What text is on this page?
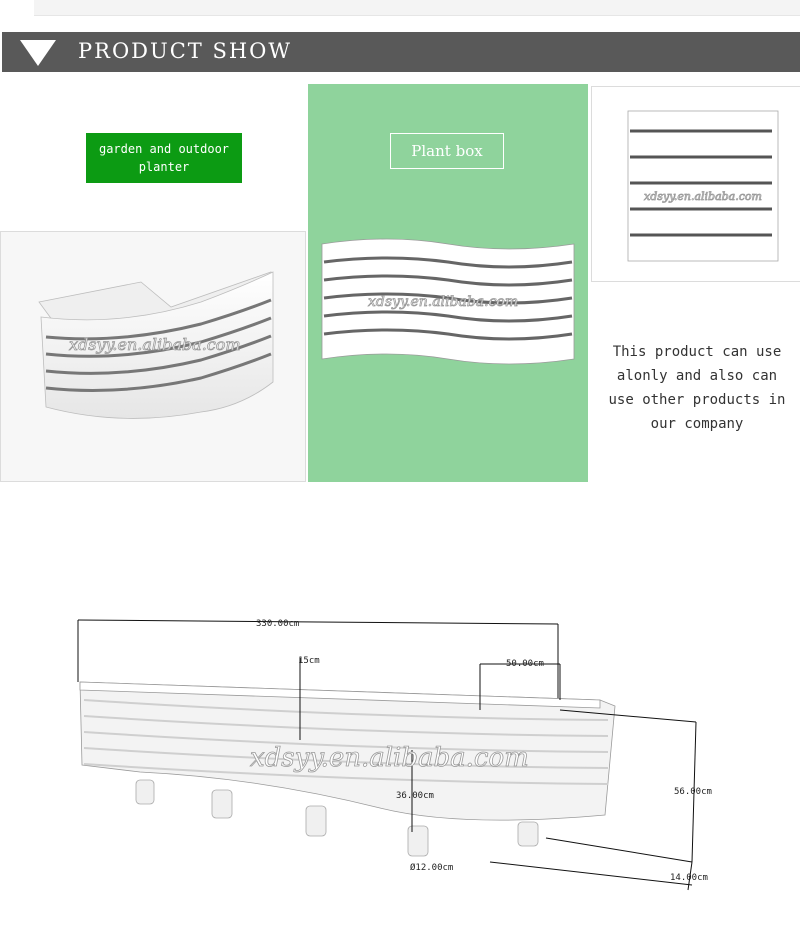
PRODUCT SHOW
garden and outdoor planter
xdsyy.en.alibaba.com
xdsyy.en.alibaba.com
Plant box
xdsyy.en.alibaba.com
This product can use alonly and also can use other products in our company
330.00cm
15cm	50.00cm
56.00cm
36.00cm
Ø12.00cm
14.00cm
xdsyy.en.alibaba.com
